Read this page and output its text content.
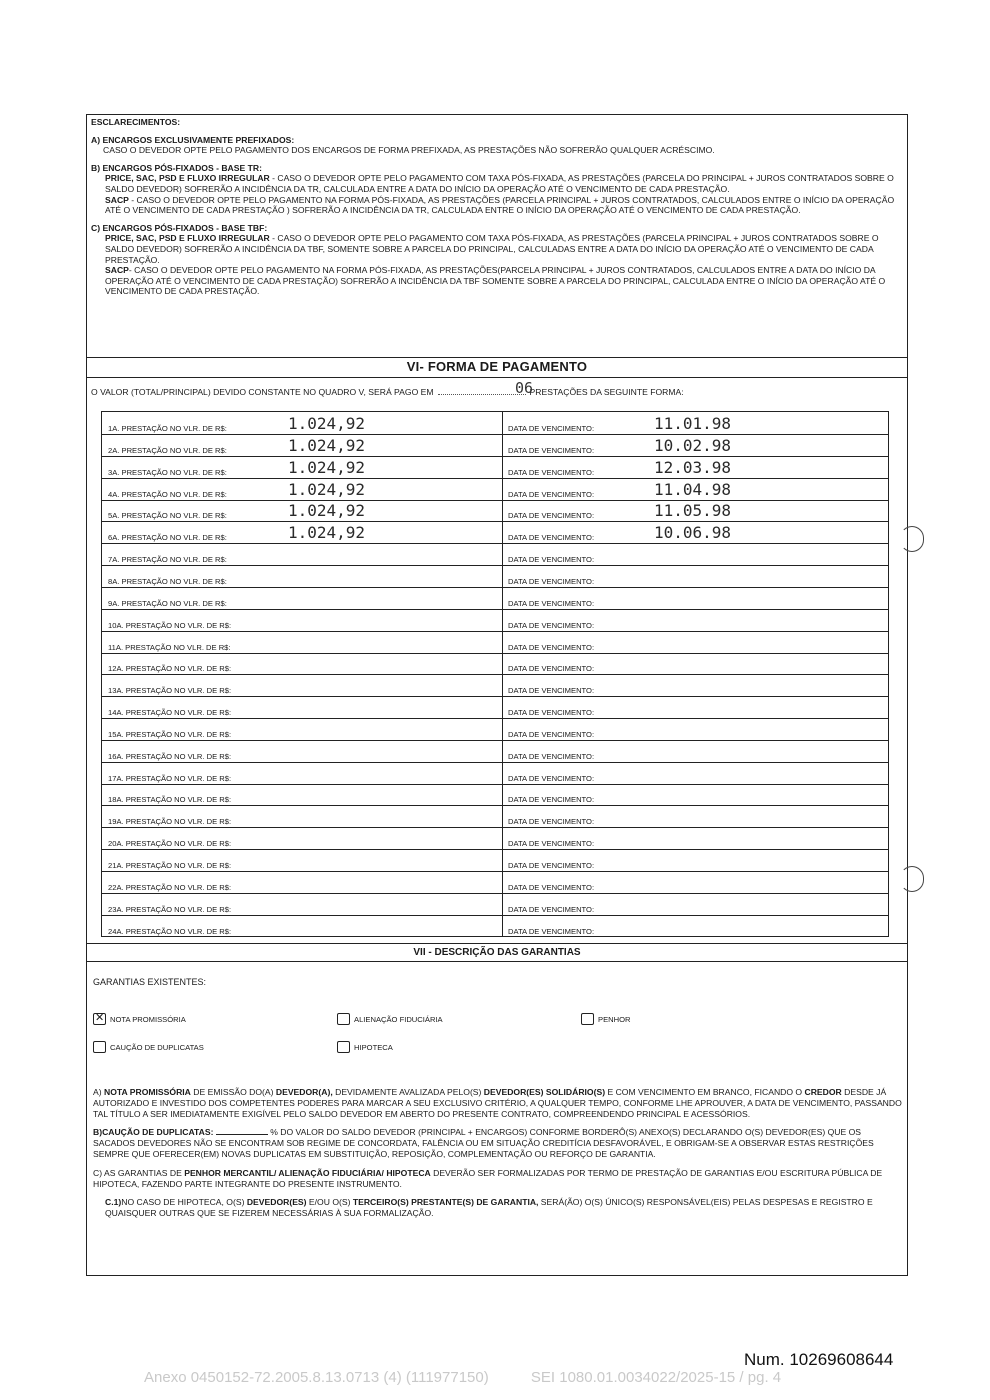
ESCLARECIMENTOS:

A) ENCARGOS EXCLUSIVAMENTE PREFIXADOS:

CASO O DEVEDOR OPTE PELO PAGAMENTO DOS ENCARGOS DE FORMA PREFIXADA, AS PRESTAÇÕES NÃO SOFRERÃO QUALQUER ACRÉSCIMO.

B) ENCARGOS PÓS-FIXADOS - BASE TR:

PRICE, SAC, PSD E FLUXO IRREGULAR - CASO O DEVEDOR OPTE PELO PAGAMENTO COM TAXA PÓS-FIXADA, AS PRESTAÇÕES (PARCELA DO PRINCIPAL + JUROS CONTRATADOS SOBRE O SALDO DEVEDOR) SOFRERÃO A INCIDÊNCIA DA TR, CALCULADA ENTRE A DATA DO INÍCIO DA OPERAÇÃO ATÉ O VENCIMENTO DE CADA PRESTAÇÃO.

SACP - CASO O DEVEDOR OPTE PELO PAGAMENTO NA FORMA PÓS-FIXADA, AS PRESTAÇÕES (PARCELA PRINCIPAL + JUROS CONTRATADOS, CALCULADOS ENTRE O INÍCIO DA OPERAÇÃO ATÉ O VENCIMENTO DE CADA PRESTAÇÃO ) SOFRERÃO A INCIDÊNCIA DA TR, CALCULADA ENTRE O INÍCIO DA OPERAÇÃO ATÉ O VENCIMENTO DE CADA PRESTAÇÃO.

C) ENCARGOS PÓS-FIXADOS - BASE TBF:

PRICE, SAC, PSD E FLUXO IRREGULAR - CASO O DEVEDOR OPTE PELO PAGAMENTO COM TAXA PÓS-FIXADA, AS PRESTAÇÕES (PARCELA PRINCIPAL + JUROS CONTRATADOS SOBRE O SALDO DEVEDOR) SOFRERÃO A INCIDÊNCIA DA TBF, SOMENTE SOBRE A PARCELA DO PRINCIPAL, CALCULADAS ENTRE A DATA DO INÍCIO DA OPERAÇÃO ATÉ O VENCIMENTO DE CADA PRESTAÇÃO.

SACP- CASO O DEVEDOR OPTE PELO PAGAMENTO NA FORMA PÓS-FIXADA, AS PRESTAÇÕES(PARCELA PRINCIPAL + JUROS CONTRATADOS, CALCULADOS ENTRE A DATA DO INÍCIO DA OPERAÇÃO ATÉ O VENCIMENTO DE CADA PRESTAÇÃO) SOFRERÃO A INCIDÊNCIA DA TBF SOMENTE SOBRE A PARCELA DO PRINCIPAL, CALCULADA ENTRE O INÍCIO DA OPERAÇÃO ATÉ O VENCIMENTO DE CADA PRESTAÇÃO.

VI- FORMA DE PAGAMENTO
O VALOR (TOTAL/PRINCIPAL) DEVIDO CONSTANTE NO QUADRO V, SERÁ PAGO EM	PRESTAÇÕES DA SEGUINTE FORMA:
06
1A. PRESTAÇÃO NO VLR. DE R$:	1.024,92	DATA DE VENCIMENTO:	11.01.98
2A. PRESTAÇÃO NO VLR. DE R$:	1.024,92	DATA DE VENCIMENTO:	10.02.98
3A. PRESTAÇÃO NO VLR. DE R$:	1.024,92	DATA DE VENCIMENTO:	12.03.98
4A. PRESTAÇÃO NO VLR. DE R$:	1.024,92	DATA DE VENCIMENTO:	11.04.98
5A. PRESTAÇÃO NO VLR. DE R$:	1.024,92	DATA DE VENCIMENTO:	11.05.98
6A. PRESTAÇÃO NO VLR. DE R$:	1.024,92	DATA DE VENCIMENTO:	10.06.98
7A. PRESTAÇÃO NO VLR. DE R$:	DATA DE VENCIMENTO:
8A. PRESTAÇÃO NO VLR. DE R$:	DATA DE VENCIMENTO:
9A. PRESTAÇÃO NO VLR. DE R$:	DATA DE VENCIMENTO:
10A. PRESTAÇÃO NO VLR. DE R$:	DATA DE VENCIMENTO:
11A. PRESTAÇÃO NO VLR. DE R$:	DATA DE VENCIMENTO:
12A. PRESTAÇÃO NO VLR. DE R$:	DATA DE VENCIMENTO:
13A. PRESTAÇÃO NO VLR. DE R$:	DATA DE VENCIMENTO:
14A. PRESTAÇÃO NO VLR. DE R$:	DATA DE VENCIMENTO:
15A. PRESTAÇÃO NO VLR. DE R$:	DATA DE VENCIMENTO:
16A. PRESTAÇÃO NO VLR. DE R$:	DATA DE VENCIMENTO:
17A. PRESTAÇÃO NO VLR. DE R$:	DATA DE VENCIMENTO:
18A. PRESTAÇÃO NO VLR. DE R$:	DATA DE VENCIMENTO:
19A. PRESTAÇÃO NO VLR. DE R$:	DATA DE VENCIMENTO:
20A. PRESTAÇÃO NO VLR. DE R$:	DATA DE VENCIMENTO:
21A. PRESTAÇÃO NO VLR. DE R$:	DATA DE VENCIMENTO:
22A. PRESTAÇÃO NO VLR. DE R$:	DATA DE VENCIMENTO:
23A. PRESTAÇÃO NO VLR. DE R$:	DATA DE VENCIMENTO:
24A. PRESTAÇÃO NO VLR. DE R$:	DATA DE VENCIMENTO:
VII - DESCRIÇÃO DAS GARANTIAS
GARANTIAS EXISTENTES:
✕NOTA PROMISSÓRIA	ALIENAÇÃO FIDUCIÁRIA	PENHOR
CAUÇÃO DE DUPLICATAS	HIPOTECA

A) NOTA PROMISSÓRIA DE EMISSÃO DO(A) DEVEDOR(A), DEVIDAMENTE AVALIZADA PELO(S) DEVEDOR(ES) SOLIDÁRIO(S) E COM VENCIMENTO EM BRANCO, FICANDO O CREDOR DESDE JÁ AUTORIZADO E INVESTIDO DOS COMPETENTES PODERES PARA MARCAR A SEU EXCLUSIVO CRITÉRIO, A QUALQUER TEMPO, CONFORME LHE APROUVER, A DATA DE VENCIMENTO, PASSANDO TAL TÍTULO A SER IMEDIATAMENTE EXIGÍVEL PELO SALDO DEVEDOR EM ABERTO DO PRESENTE CONTRATO, COMPREENDENDO PRINCIPAL E ACESSÓRIOS.

B)CAUÇÃO DE DUPLICATAS:	% DO VALOR DO SALDO DEVEDOR (PRINCIPAL + ENCARGOS) CONFORME BORDERÔ(S) ANEXO(S) DECLARANDO O(S) DEVEDOR(ES) QUE OS SACADOS DEVEDORES NÃO SE ENCONTRAM SOB REGIME DE CONCORDATA, FALÊNCIA OU EM SITUAÇÃO CREDITÍCIA DESFAVORÁVEL, E OBRIGAM-SE A OBSERVAR ESTAS RESTRIÇÕES SEMPRE QUE OFERECER(EM) NOVAS DUPLICATAS EM SUBSTITUIÇÃO, REPOSIÇÃO, COMPLEMENTAÇÃO OU REFORÇO DE GARANTIA.

C) AS GARANTIAS DE PENHOR MERCANTIL/ ALIENAÇÃO FIDUCIÁRIA/ HIPOTECA DEVERÃO SER FORMALIZADAS POR TERMO DE PRESTAÇÃO DE GARANTIAS E/OU ESCRITURA PÚBLICA DE HIPOTECA, FAZENDO PARTE INTEGRANTE DO PRESENTE INSTRUMENTO.

C.1)NO CASO DE HIPOTECA, O(S) DEVEDOR(ES) E/OU O(S) TERCEIRO(S) PRESTANTE(S) DE GARANTIA, SERÁ(ÃO) O(S) ÚNICO(S) RESPONSÁVEL(EIS) PELAS DESPESAS E REGISTRO E QUAISQUER OUTRAS QUE SE FIZEREM NECESSÁRIAS À SUA FORMALIZAÇÃO.

Num. 10269608644
Anexo 0450152-72.2005.8.13.0713 (4) (111977150)	SEI 1080.01.0034022/2025-15 / pg. 4
